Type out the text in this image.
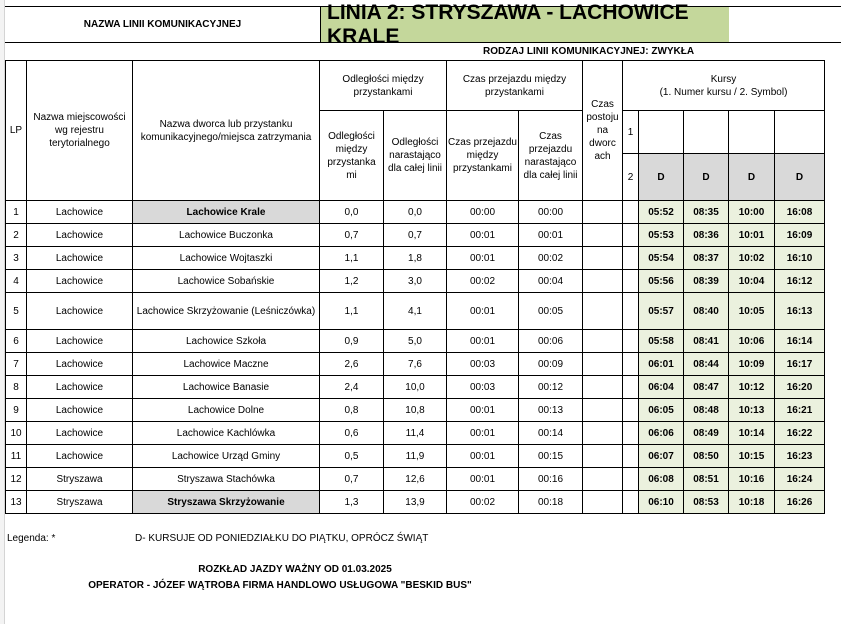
NAZWA LINII KOMUNIKACYJNEJ
LINIA 2: STRYSZAWA - LACHOWICE KRALE
RODZAJ LINII KOMUNIKACYJNEJ: ZWYKŁA
LP	Nazwa miejscowości wg rejestru terytorialnego	Nazwa dworca lub przystanku komunikacyjnego/miejsca zatrzymania	Odległości między przystankami		Czas przejazdu między przystankami		Czas postoju na dworc ach	Kursy
(1. Numer kursu / 2. Symbol)				

			Odległości między przystanka mi	Odległości narastająco dla całej linii	Czas przejazdu między przystankami	Czas przejazdu narastająco dla całej linii		1				
								2	D	D	D	D
1	Lachowice	Lachowice Krale	0,0	0,0	00:00	00:00			05:52	08:35	10:00	16:08
2	Lachowice	Lachowice Buczonka	0,7	0,7	00:01	00:01			05:53	08:36	10:01	16:09
3	Lachowice	Lachowice Wojtaszki	1,1	1,8	00:01	00:02			05:54	08:37	10:02	16:10
4	Lachowice	Lachowice Sobańskie	1,2	3,0	00:02	00:04			05:56	08:39	10:04	16:12
5	Lachowice	Lachowice Skrzyżowanie (Leśniczówka)	1,1	4,1	00:01	00:05			05:57	08:40	10:05	16:13
6	Lachowice	Lachowice Szkoła	0,9	5,0	00:01	00:06			05:58	08:41	10:06	16:14
7	Lachowice	Lachowice Maczne	2,6	7,6	00:03	00:09			06:01	08:44	10:09	16:17
8	Lachowice	Lachowice Banasie	2,4	10,0	00:03	00:12			06:04	08:47	10:12	16:20
9	Lachowice	Lachowice Dolne	0,8	10,8	00:01	00:13			06:05	08:48	10:13	16:21
10	Lachowice	Lachowice Kachlówka	0,6	11,4	00:01	00:14			06:06	08:49	10:14	16:22
11	Lachowice	Lachowice Urząd Gminy	0,5	11,9	00:01	00:15			06:07	08:50	10:15	16:23
12	Stryszawa	Stryszawa Stachówka	0,7	12,6	00:01	00:16			06:08	08:51	10:16	16:24
13	Stryszawa	Stryszawa Skrzyżowanie	1,3	13,9	00:02	00:18			06:10	08:53	10:18	16:26
Legenda: *	D- KURSUJE OD PONIEDZIAŁKU DO PIĄTKU, OPRÓCZ ŚWIĄT
ROZKŁAD JAZDY WAŻNY OD 01.03.2025
OPERATOR - JÓZEF WĄTROBA FIRMA HANDLOWO USŁUGOWA "BESKID BUS"
